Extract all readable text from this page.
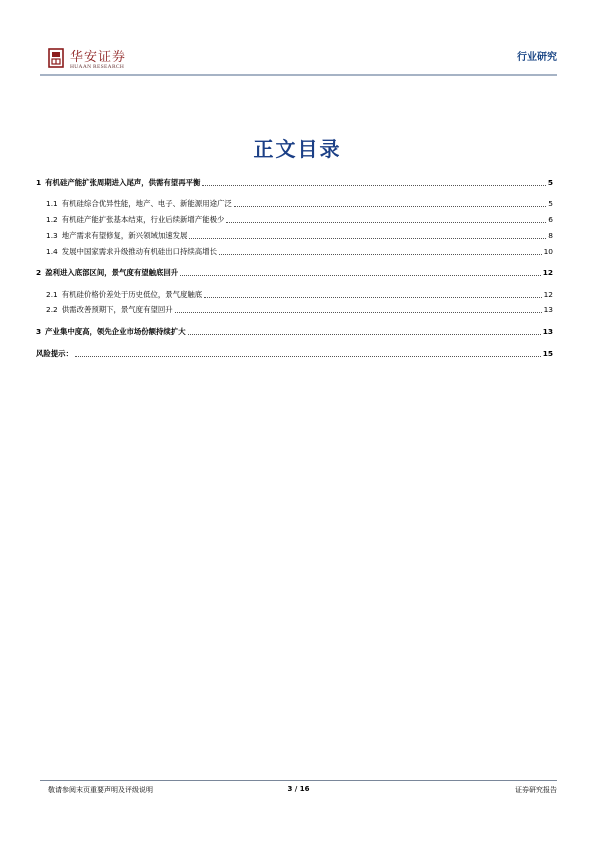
华安证券
HUAAN RESEARCH
行业研究
正文目录
1 有机硅产能扩张周期进入尾声，供需有望再平衡	5
1.1 有机硅综合优异性能，地产、电子、新能源用途广泛	5
1.2 有机硅产能扩张基本结束，行业后续新增产能极少	6
1.3 地产需求有望修复，新兴领域加速发展	8
1.4 发展中国家需求升级推动有机硅出口持续高增长	10
2 盈利进入底部区间，景气度有望触底回升	12
2.1 有机硅价格价差处于历史低位，景气度触底	12
2.2 供需改善预期下，景气度有望回升	13
3 产业集中度高，领先企业市场份额持续扩大	13
风险提示：	15
敬请参阅末页重要声明及评级说明	3 / 16	证券研究报告
